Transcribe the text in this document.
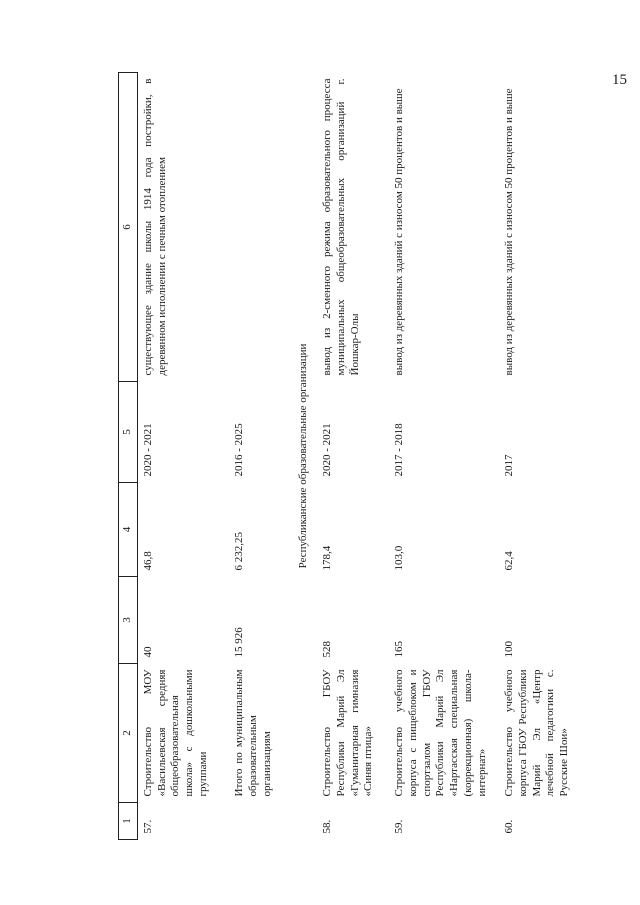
15
1	2	3	4	5	6
57.	Строительство МОУ «Васильевская средняя общеобразовательная школа» с дошкольными группами	40	46,8	2020 - 2021	существующее здание школы 1914 года постройки, в деревянном исполнении с печным отоплением
	Итого по муниципальным образовательным организациям	15 926	6 232,25	2016 - 2025	
Республиканские образовательные организации					
58.	Строительство ГБОУ Республики Марий Эл «Гуманитарная гимназия «Синяя птица»	528	178,4	2020 - 2021	вывод из 2-сменного режима образовательного процесса муниципальных общеобразовательных организаций г. Йошкар-Олы
59.	Строительство учебного корпуса с пищеблоком и спортзалом ГБОУ Республики Марий Эл «Нартасская специальная (коррекционная) школа-интернат»	165	103,0	2017 - 2018	вывод из деревянных зданий с износом 50 процентов и выше
60.	Строительство учебного корпуса ГБОУ Республики Марий Эл «Центр лечебной педагогики с. Русские Шои»	100	62,4	2017	вывод из деревянных зданий с износом 50 процентов и выше
